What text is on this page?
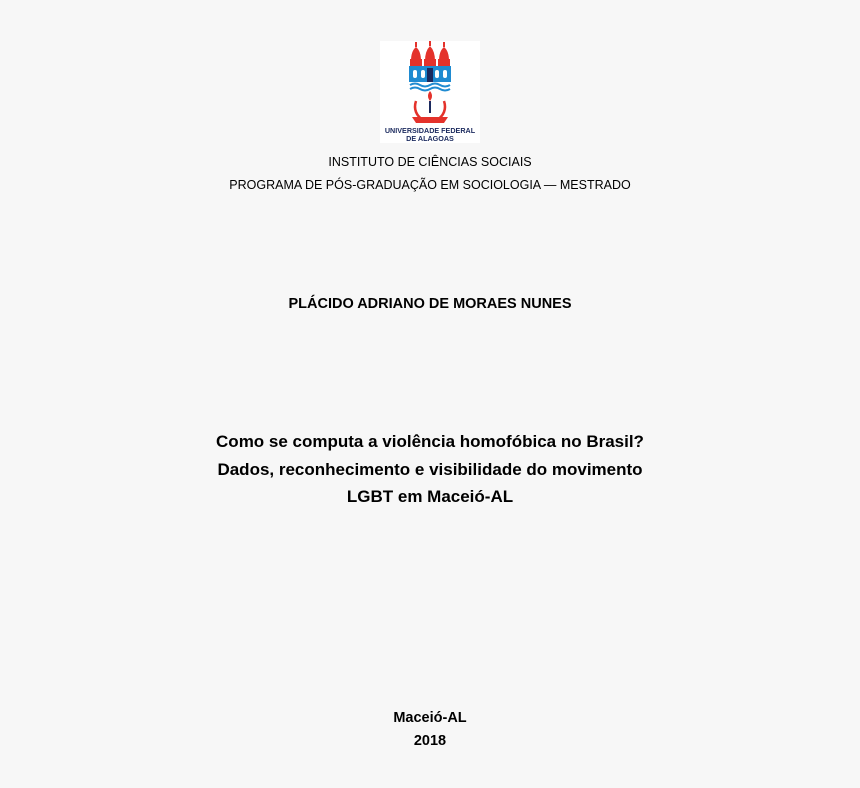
UNIVERSIDADE FEDERAL
DE ALAGOAS
INSTITUTO DE CIÊNCIAS SOCIAIS
PROGRAMA DE PÓS-GRADUAÇÃO EM SOCIOLOGIA — MESTRADO
PLÁCIDO ADRIANO DE MORAES NUNES
Como se computa a violência homofóbica no Brasil?
Dados, reconhecimento e visibilidade do movimento
LGBT em Maceió-AL
Maceió-AL
2018
